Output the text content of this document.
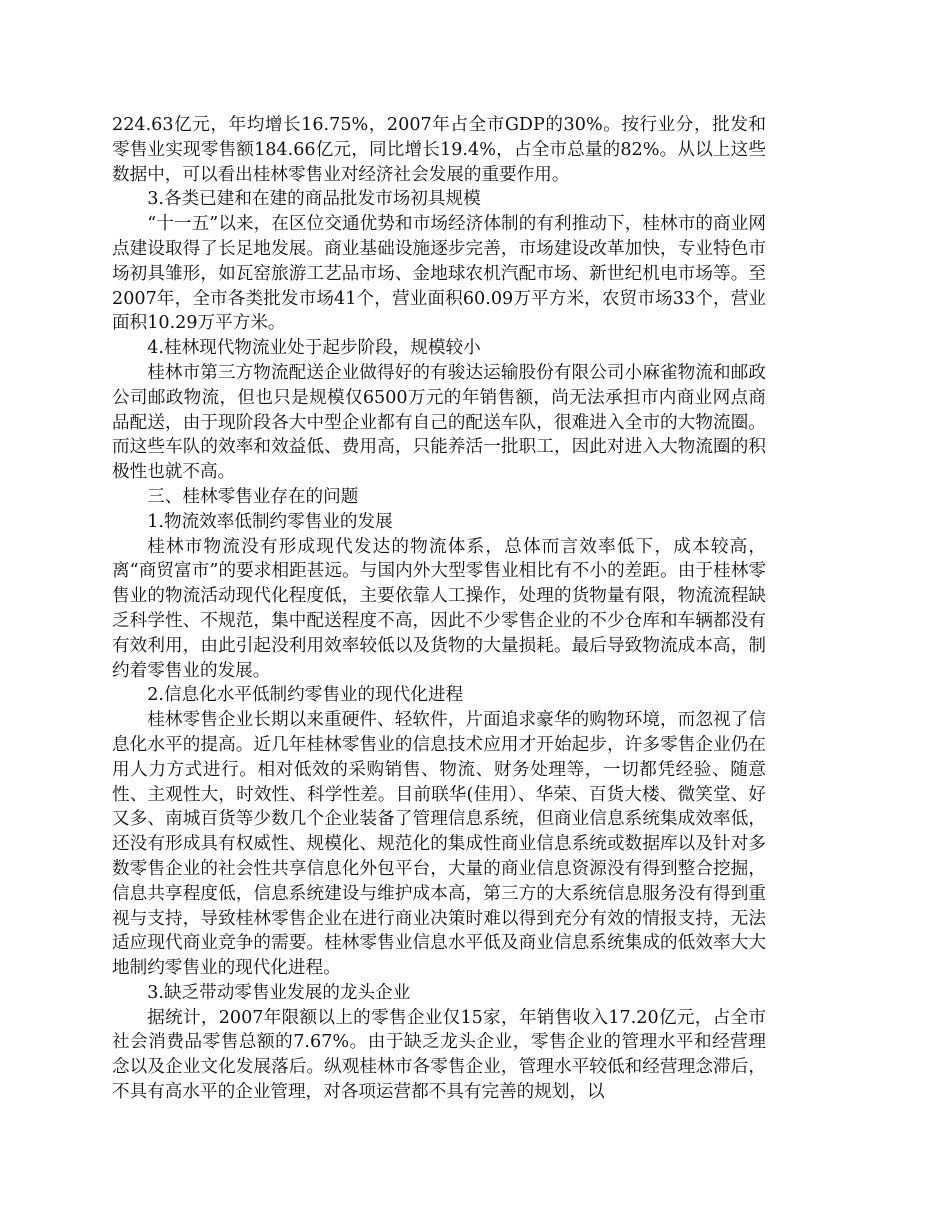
224.63亿元，年均增长16.75%，2007年占全市GDP的30%。按行业分，批发和零售业实现零售额184.66亿元，同比增长19.4%，占全市总量的82%。从以上这些数据中，可以看出桂林零售业对经济社会发展的重要作用。

3.各类已建和在建的商品批发市场初具规模

“十一五”以来，在区位交通优势和市场经济体制的有利推动下，桂林市的商业网点建设取得了长足地发展。商业基础设施逐步完善，市场建设改革加快，专业特色市场初具雏形，如瓦窑旅游工艺品市场、金地球农机汽配市场、新世纪机电市场等。至2007年，全市各类批发市场41个，营业面积60.09万平方米，农贸市场33个，营业面积10.29万平方米。

4.桂林现代物流业处于起步阶段，规模较小

桂林市第三方物流配送企业做得好的有骏达运输股份有限公司小麻雀物流和邮政公司邮政物流，但也只是规模仅6500万元的年销售额，尚无法承担市内商业网点商品配送，由于现阶段各大中型企业都有自己的配送车队，很难进入全市的大物流圈。而这些车队的效率和效益低、费用高，只能养活一批职工，因此对进入大物流圈的积极性也就不高。

三、桂林零售业存在的问题

1.物流效率低制约零售业的发展

桂林市物流没有形成现代发达的物流体系，总体而言效率低下，成本较高，离“商贸富市”的要求相距甚远。与国内外大型零售业相比有不小的差距。由于桂林零售业的物流活动现代化程度低，主要依靠人工操作，处理的货物量有限，物流流程缺乏科学性、不规范，集中配送程度不高，因此不少零售企业的不少仓库和车辆都没有有效利用，由此引起没利用效率较低以及货物的大量损耗。最后导致物流成本高，制约着零售业的发展。

2.信息化水平低制约零售业的现代化进程

桂林零售企业长期以来重硬件、轻软件，片面追求豪华的购物环境，而忽视了信息化水平的提高。近几年桂林零售业的信息技术应用才开始起步，许多零售企业仍在用人力方式进行。相对低效的采购销售、物流、财务处理等，一切都凭经验、随意性、主观性大，时效性、科学性差。目前联华(佳用）、华荣、百货大楼、微笑堂、好又多、南城百货等少数几个企业装备了管理信息系统，但商业信息系统集成效率低，还没有形成具有权威性、规模化、规范化的集成性商业信息系统或数据库以及针对多数零售企业的社会性共享信息化外包平台，大量的商业信息资源没有得到整合挖掘，信息共享程度低，信息系统建设与维护成本高，第三方的大系统信息服务没有得到重视与支持，导致桂林零售企业在进行商业决策时难以得到充分有效的情报支持，无法适应现代商业竞争的需要。桂林零售业信息水平低及商业信息系统集成的低效率大大地制约零售业的现代化进程。

3.缺乏带动零售业发展的龙头企业

据统计，2007年限额以上的零售企业仅15家，年销售收入17.20亿元，占全市社会消费品零售总额的7.67%。由于缺乏龙头企业，零售企业的管理水平和经营理念以及企业文化发展落后。纵观桂林市各零售企业，管理水平较低和经营理念滞后，不具有高水平的企业管理，对各项运营都不具有完善的规划，以
